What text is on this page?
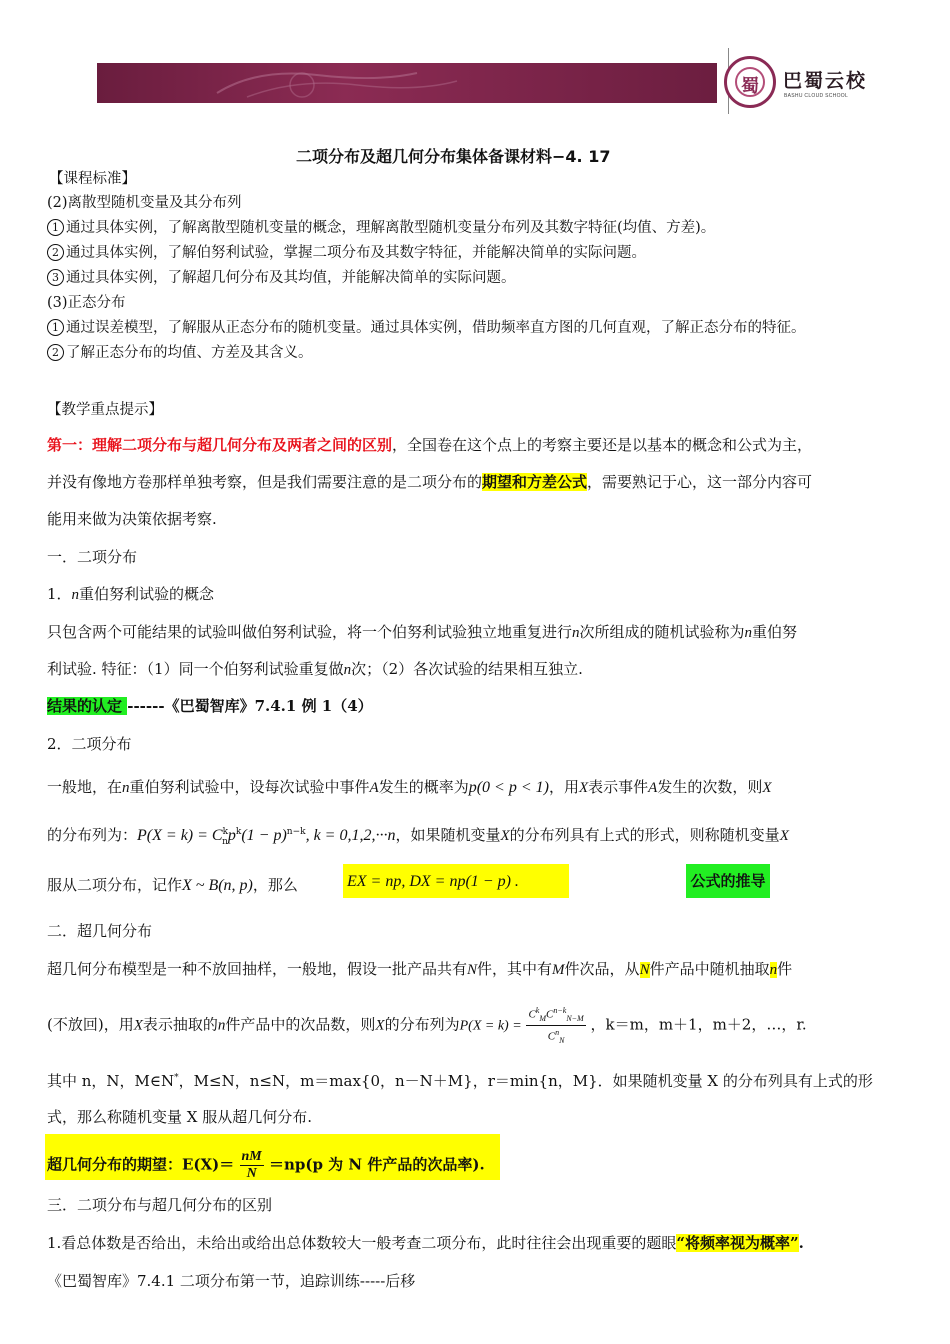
蜀 巴蜀云校
BASHU CLOUD SCHOOL
二项分布及超几何分布集体备课材料−4. 17
【课程标准】
(2)离散型随机变量及其分布列
1 通过具体实例，了解离散型随机变量的概念，理解离散型随机变量分布列及其数字特征(均值、方差)。
2 通过具体实例，了解伯努利试验，掌握二项分布及其数字特征，并能解决简单的实际问题。
3 通过具体实例，了解超几何分布及其均值，并能解决简单的实际问题。
(3)正态分布
1 通过误差模型，了解服从正态分布的随机变量。通过具体实例，借助频率直方图的几何直观，了解正态分布的特征。
2 了解正态分布的均值、方差及其含义。
【教学重点提示】
第一：理解二项分布与超几何分布及两者之间的区别，全国卷在这个点上的考察主要还是以基本的概念和公式为主，
并没有像地方卷那样单独考察，但是我们需要注意的是二项分布的期望和方差公式，需要熟记于心，这一部分内容可
能用来做为决策依据考察.
一．二项分布
1．n重伯努利试验的概念
只包含两个可能结果的试验叫做伯努利试验，将一个伯努利试验独立地重复进行n次所组成的随机试验称为n重伯努
利试验. 特征：（1）同一个伯努利试验重复做n次；（2）各次试验的结果相互独立.
结果的认定 ------《巴蜀智库》7.4.1 例 1（4）
2．二项分布
一般地，在n重伯努利试验中，设每次试验中事件A发生的概率为p(0 < p < 1)，用X表示事件A发生的次数，则X
的分布列为：$P(X = k) = C^k_np^k(1 - p)^{n-k}$, k = 0,1,2,···n，如果随机变量X的分布列具有上式的形式，则称随机变量X
服从二项分布，记作X ~ B(n, p)，那么	EX = np, DX = np(1 − p) .	公式的推导
二．超几何分布
超几何分布模型是一种不放回抽样，一般地，假设一批产品共有N件，其中有M件次品，从N件产品中随机抽取n件
(不放回)，用X表示抽取的n件产品中的次品数，则X的分布列为$P(X = k) = \frac{C^k_MC^{n-k}_{N-M}}{C^n_N}$ ，k＝m，m＋1，m＋2，…，r.
其中 n，N，M∈N*，M≤N，n≤N，m＝max{0，n－N＋M}，r＝min{n，M}．如果随机变量 X 的分布列具有上式的形
式，那么称随机变量 X 服从超几何分布.
超几何分布的期望：$E(X)= \frac{nM}{N} =np(p$ 为 N 件产品的次品率).
三．二项分布与超几何分布的区别
1.看总体数是否给出，未给出或给出总体数较大一般考查二项分布，此时往往会出现重要的题眼“将频率视为概率”.
《巴蜀智库》7.4.1 二项分布第一节，追踪训练-----后移
